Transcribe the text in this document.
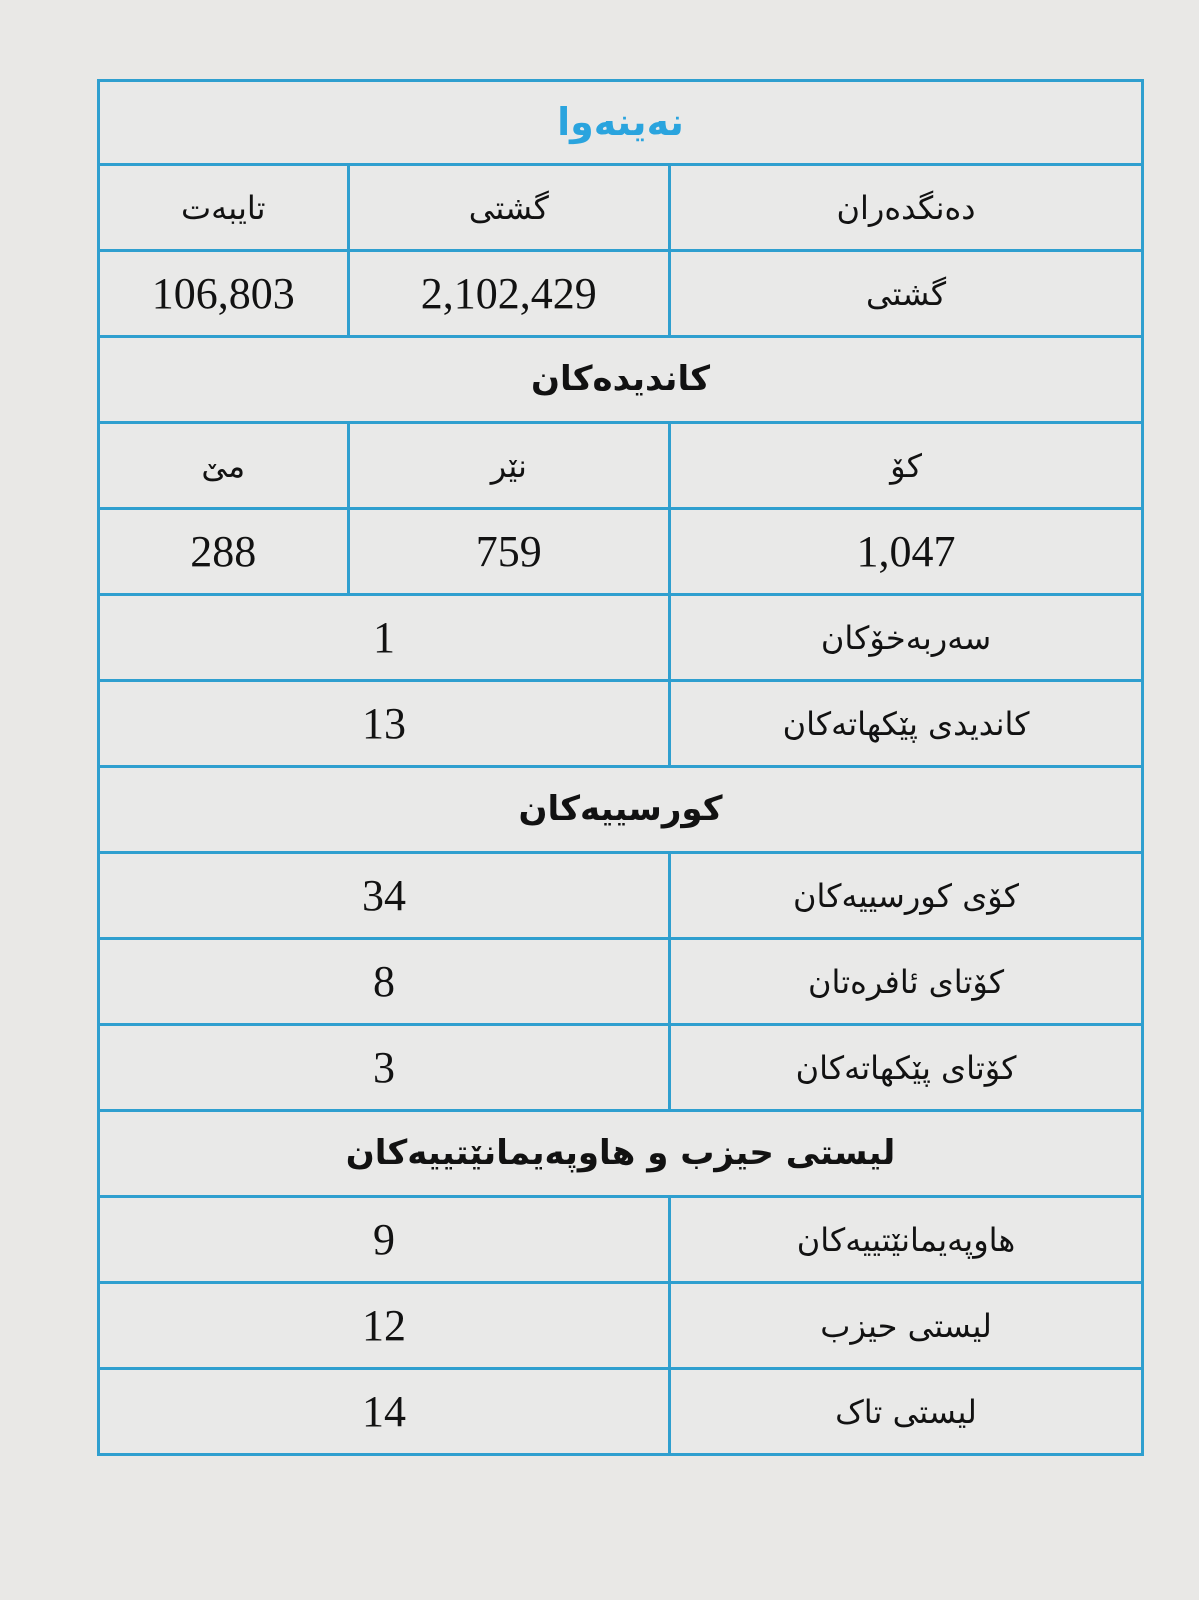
نەینەوا		
دەنگدەران	گشتی	تایبەت
گشتی	2,102,429	106,803
کاندیدەکان		
کۆ	نێر	مێ
1,047	759	288
سەربەخۆکان	1	
کاندیدی پێکهاتەکان	13	
کورسییەکان		
کۆی کورسییەکان	34	
کۆتای ئافرەتان	8	
کۆتای پێکهاتەکان	3	
لیستی حیزب و هاوپەیمانێتییەکان		
هاوپەیمانێتییەکان	9	
لیستی حیزب	12	
لیستی تاک	14	
